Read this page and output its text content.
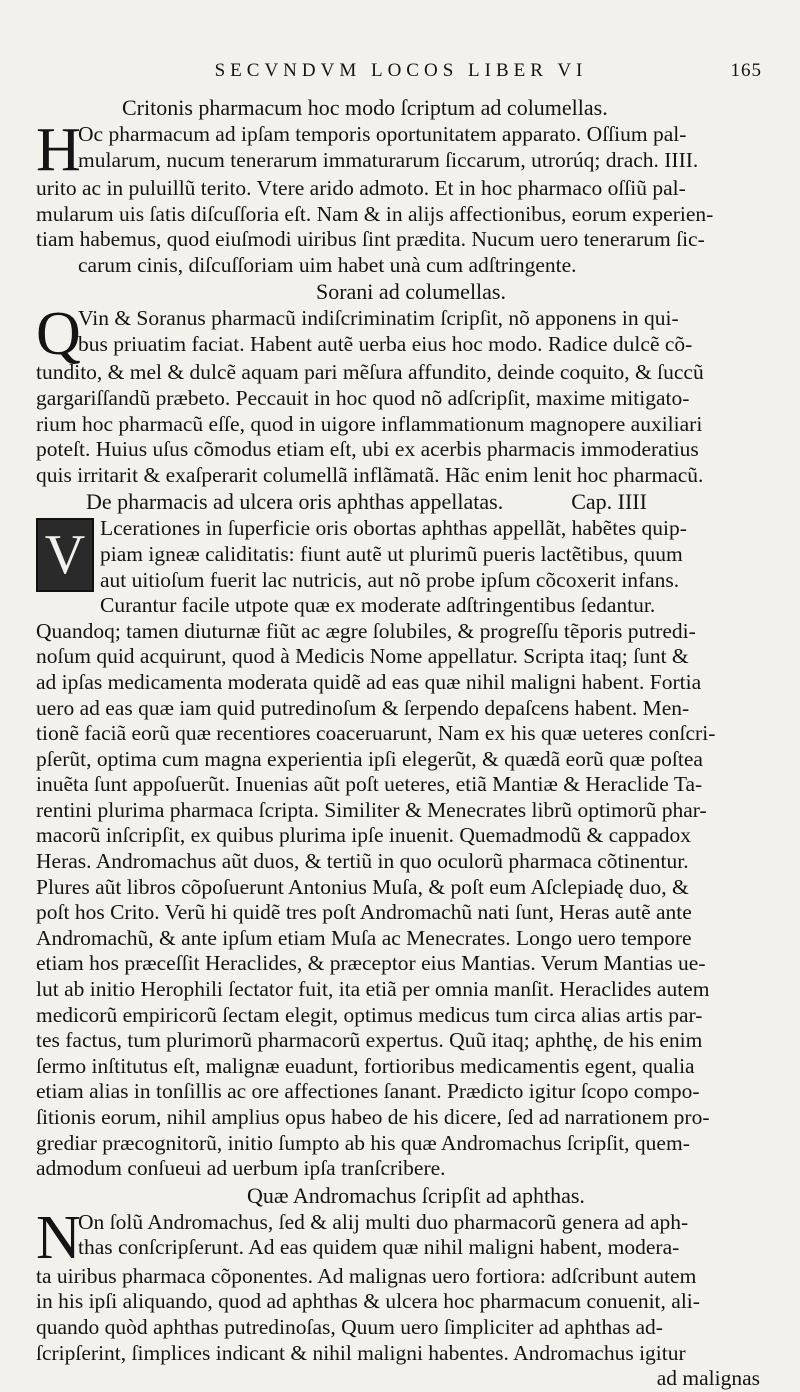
SECVNDVM LOCOS LIBER VI	165
Critonis pharmacum hoc modo ſcriptum ad columellas.
H
Oc pharmacum ad ipſam temporis oportunitatem apparato. Oſſium pal-
mularum, nucum tenerarum immaturarum ſiccarum, utrorúq; drach. IIII.
urito ac in puluillũ terito. Vtere arido admoto. Et in hoc pharmaco oſſiũ pal-
mularum uis ſatis diſcuſſoria eſt. Nam & in alijs affectionibus, eorum experien-
tiam habemus, quod eiuſmodi uiribus ſint prædita. Nucum uero tenerarum ſic-
carum cinis, diſcuſſoriam uim habet unà cum adſtringente.
Sorani ad columellas.
Q
Vin & Soranus pharmacũ indiſcriminatim ſcripſit, nõ apponens in qui-
bus priuatim faciat. Habent autẽ uerba eius hoc modo. Radice dulcẽ cõ-
tundito, & mel & dulcẽ aquam pari mẽſura affundito, deinde coquito, & ſuccũ
gargariſſandũ præbeto. Peccauit in hoc quod nõ adſcripſit, maxime mitigato-
rium hoc pharmacũ eſſe, quod in uigore inflammationum magnopere auxiliari
poteſt. Huius uſus cõmodus etiam eſt, ubi ex acerbis pharmacis immoderatius
quis irritarit & exaſperarit columellã inflãmatã. Hãc enim lenit hoc pharmacũ.
De pharmacis ad ulcera oris aphthas appellatas.	Cap. IIII
V Lcerationes in ſuperficie oris obortas aphthas appellãt, habẽtes quip-
piam igneæ caliditatis: fiunt autẽ ut plurimũ pueris lactẽtibus, quum
aut uitioſum fuerit lac nutricis, aut nõ probe ipſum cõcoxerit infans.
Curantur facile utpote quæ ex moderate adſtringentibus ſedantur.
Quandoq; tamen diuturnæ fiũt ac ægre ſolubiles, & progreſſu tẽporis putredi-
noſum quid acquirunt, quod à Medicis Nome appellatur. Scripta itaq; ſunt &
ad ipſas medicamenta moderata quidẽ ad eas quæ nihil maligni habent. Fortia
uero ad eas quæ iam quid putredinoſum & ſerpendo depaſcens habent. Men-
tionẽ faciã eorũ quæ recentiores coaceruarunt, Nam ex his quæ ueteres conſcri-
pſerũt, optima cum magna experientia ipſi elegerũt, & quædã eorũ quæ poſtea
inuẽta ſunt appoſuerũt. Inuenias aũt poſt ueteres, etiã Mantiæ & Heraclide Ta-
rentini plurima pharmaca ſcripta. Similiter & Menecrates librũ optimorũ phar-
macorũ inſcripſit, ex quibus plurima ipſe inuenit. Quemadmodũ & cappadox
Heras. Andromachus aũt duos, & tertiũ in quo oculorũ pharmaca cõtinentur.
Plures aũt libros cõpoſuerunt Antonius Muſa, & poſt eum Aſclepiadę duo, &
poſt hos Crito. Verũ hi quidẽ tres poſt Andromachũ nati ſunt, Heras autẽ ante
Andromachũ, & ante ipſum etiam Muſa ac Menecrates. Longo uero tempore
etiam hos præceſſit Heraclides, & præceptor eius Mantias. Verum Mantias ue-
lut ab initio Herophili ſectator fuit, ita etiã per omnia manſit. Heraclides autem
medicorũ empiricorũ ſectam elegit, optimus medicus tum circa alias artis par-
tes factus, tum plurimorũ pharmacorũ expertus. Quũ itaq; aphthę, de his enim
ſermo inſtitutus eſt, malignæ euadunt, fortioribus medicamentis egent, qualia
etiam alias in tonſillis ac ore affectiones ſanant. Prædicto igitur ſcopo compo-
ſitionis eorum, nihil amplius opus habeo de his dicere, ſed ad narrationem pro-
grediar præcognitorũ, initio ſumpto ab his quæ Andromachus ſcripſit, quem-
admodum conſueui ad uerbum ipſa tranſcribere.
Quæ Andromachus ſcripſit ad aphthas.
N
On ſolũ Andromachus, ſed & alij multi duo pharmacorũ genera ad aph-
thas conſcripſerunt. Ad eas quidem quæ nihil maligni habent, modera-
ta uiribus pharmaca cõponentes. Ad malignas uero fortiora: adſcribunt autem
in his ipſi aliquando, quod ad aphthas & ulcera hoc pharmacum conuenit, ali-
quando quòd aphthas putredinoſas, Quum uero ſimpliciter ad aphthas ad-
ſcripſerint, ſimplices indicant & nihil maligni habentes. Andromachus igitur
ad malignas
